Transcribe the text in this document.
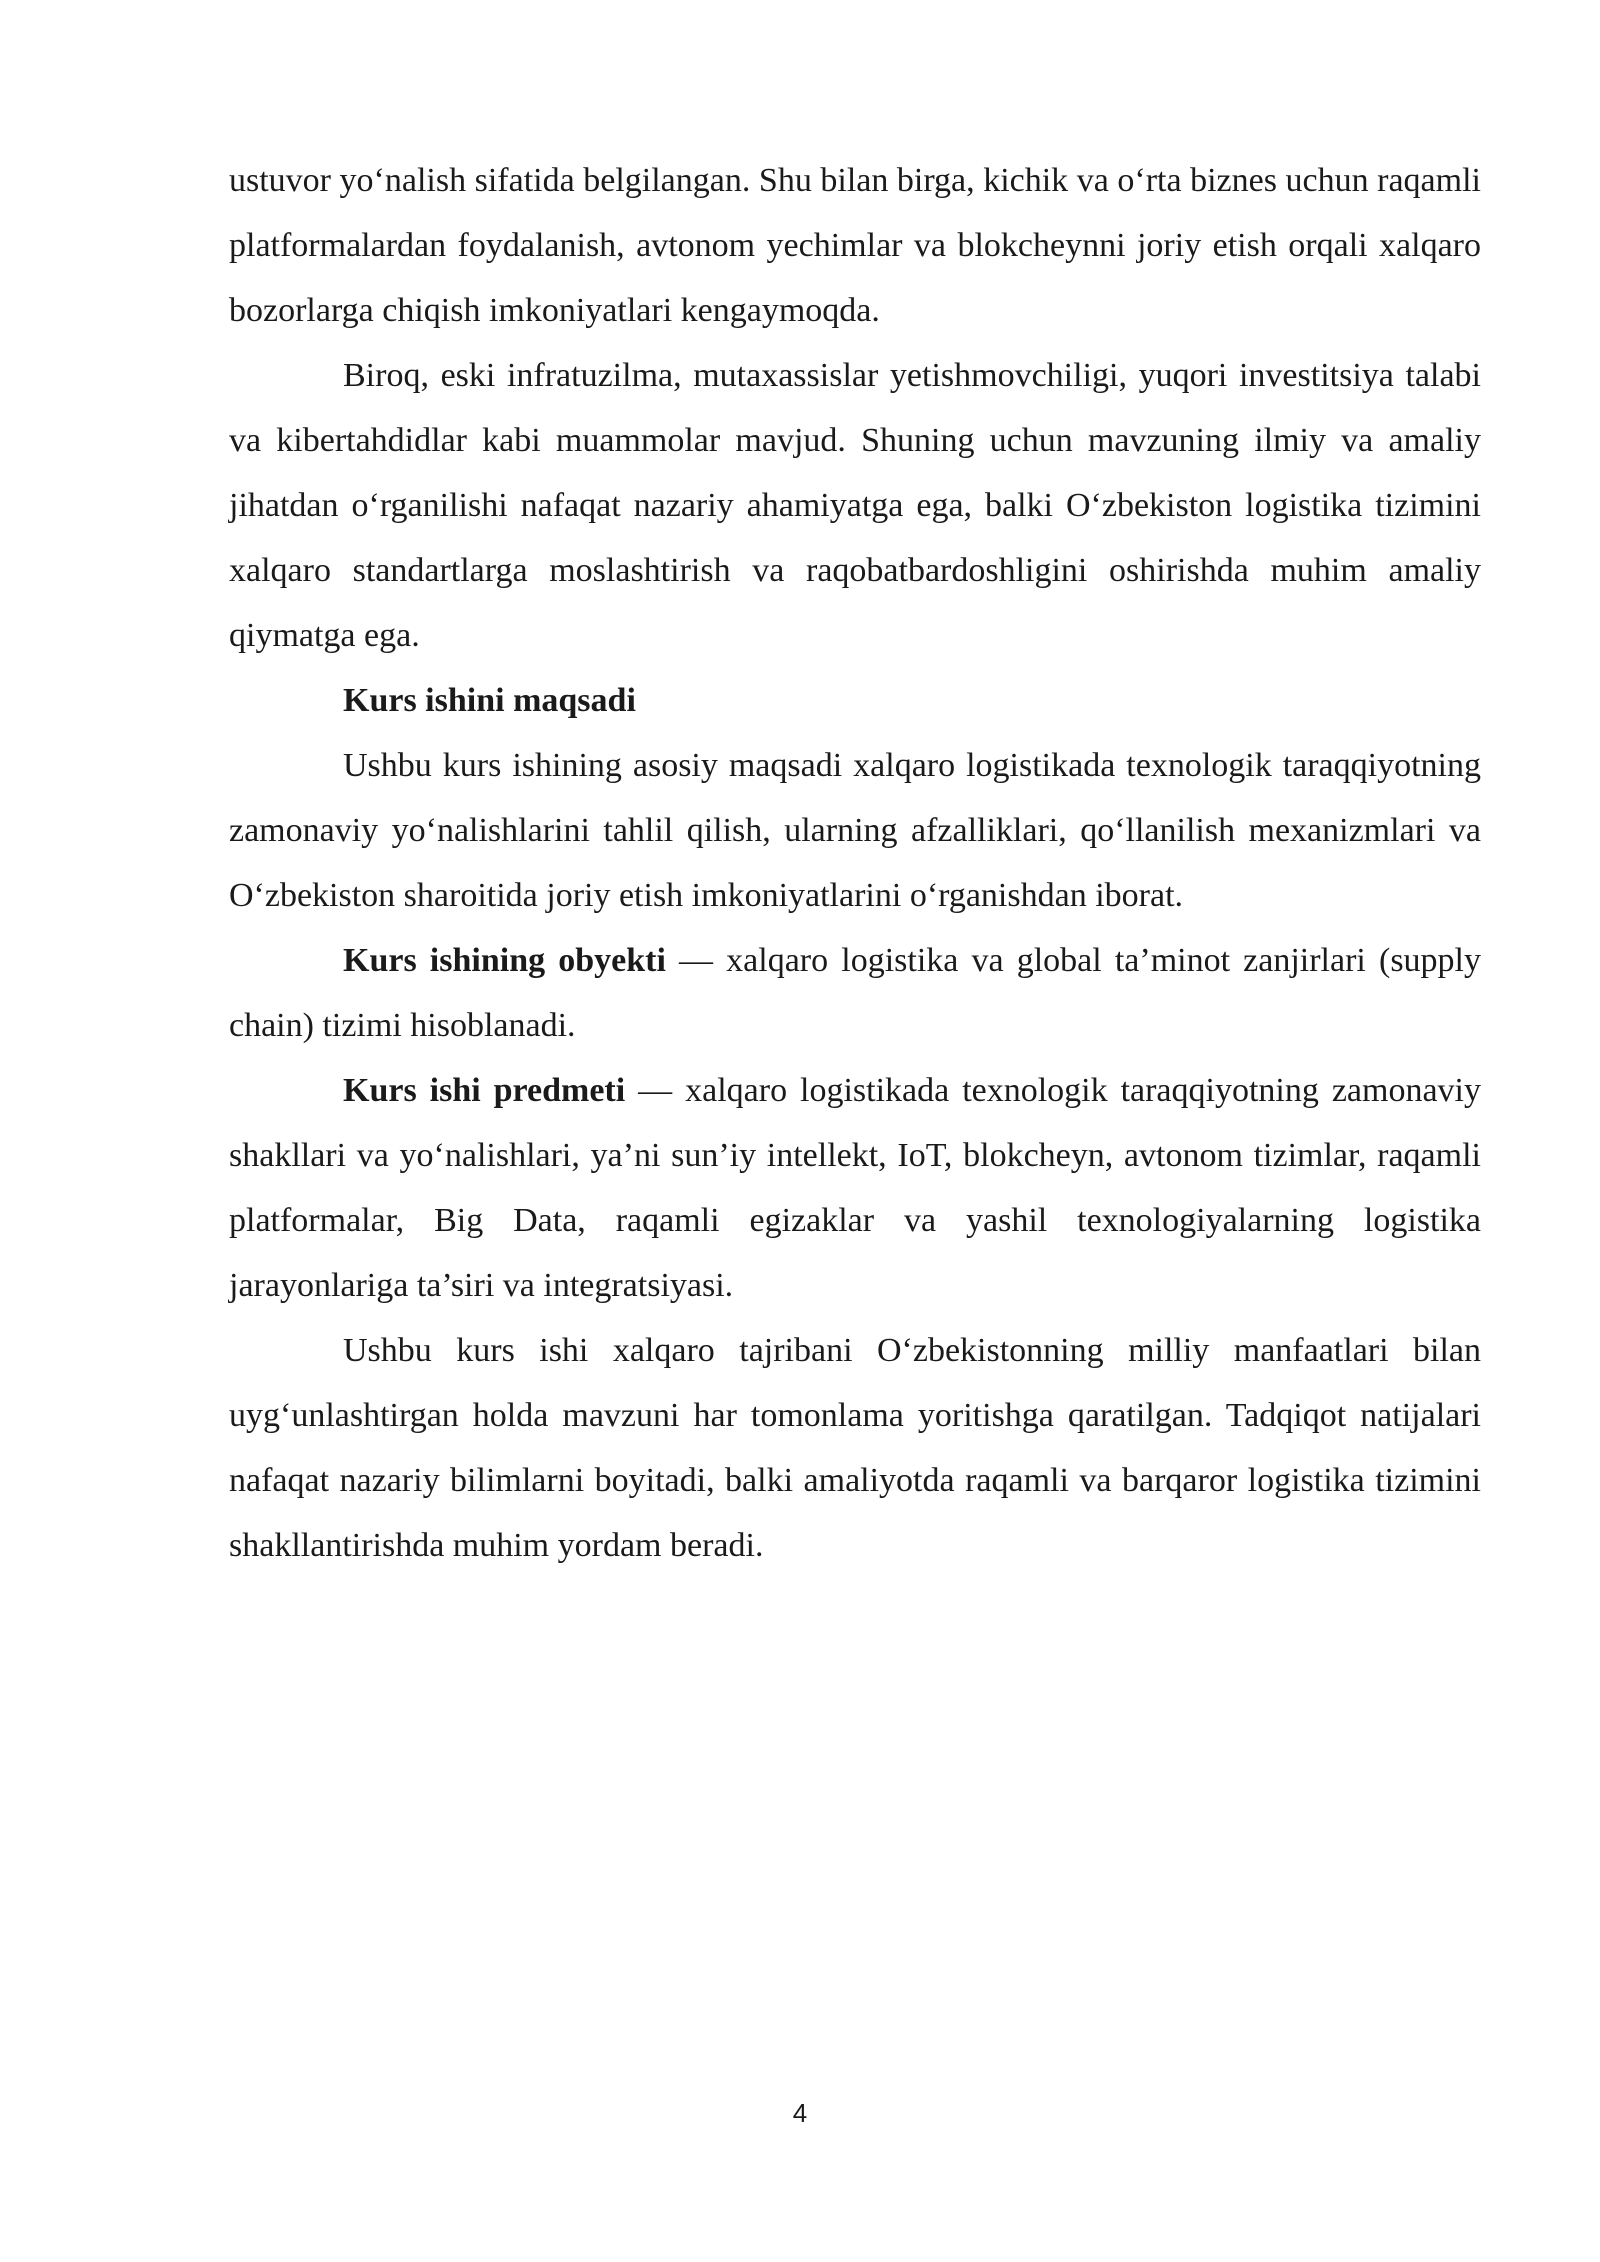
ustuvor yo‘nalish sifatida belgilangan. Shu bilan birga, kichik va o‘rta biznes uchun raqamli platformalardan foydalanish, avtonom yechimlar va blokcheynni joriy etish orqali xalqaro bozorlarga chiqish imkoniyatlari kengaymoqda.

Biroq, eski infratuzilma, mutaxassislar yetishmovchiligi, yuqori investitsiya talabi va kibertahdidlar kabi muammolar mavjud. Shuning uchun mavzuning ilmiy va amaliy jihatdan o‘rganilishi nafaqat nazariy ahamiyatga ega, balki O‘zbekiston logistika tizimini xalqaro standartlarga moslashtirish va raqobatbardoshligini oshirishda muhim amaliy qiymatga ega.

Kurs ishini maqsadi

Ushbu kurs ishining asosiy maqsadi xalqaro logistikada texnologik taraqqiyotning zamonaviy yo‘nalishlarini tahlil qilish, ularning afzalliklari, qo‘llanilish mexanizmlari va O‘zbekiston sharoitida joriy etish imkoniyatlarini o‘rganishdan iborat.

Kurs ishining obyekti — xalqaro logistika va global ta’minot zanjirlari (supply chain) tizimi hisoblanadi.

Kurs ishi predmeti — xalqaro logistikada texnologik taraqqiyotning zamonaviy shakllari va yo‘nalishlari, ya’ni sun’iy intellekt, IoT, blokcheyn, avtonom tizimlar, raqamli platformalar, Big Data, raqamli egizaklar va yashil texnologiyalarning logistika jarayonlariga ta’siri va integratsiyasi.

Ushbu kurs ishi xalqaro tajribani O‘zbekistonning milliy manfaatlari bilan uyg‘unlashtirgan holda mavzuni har tomonlama yoritishga qaratilgan. Tadqiqot natijalari nafaqat nazariy bilimlarni boyitadi, balki amaliyotda raqamli va barqaror logistika tizimini shakllantirishda muhim yordam beradi.

4
